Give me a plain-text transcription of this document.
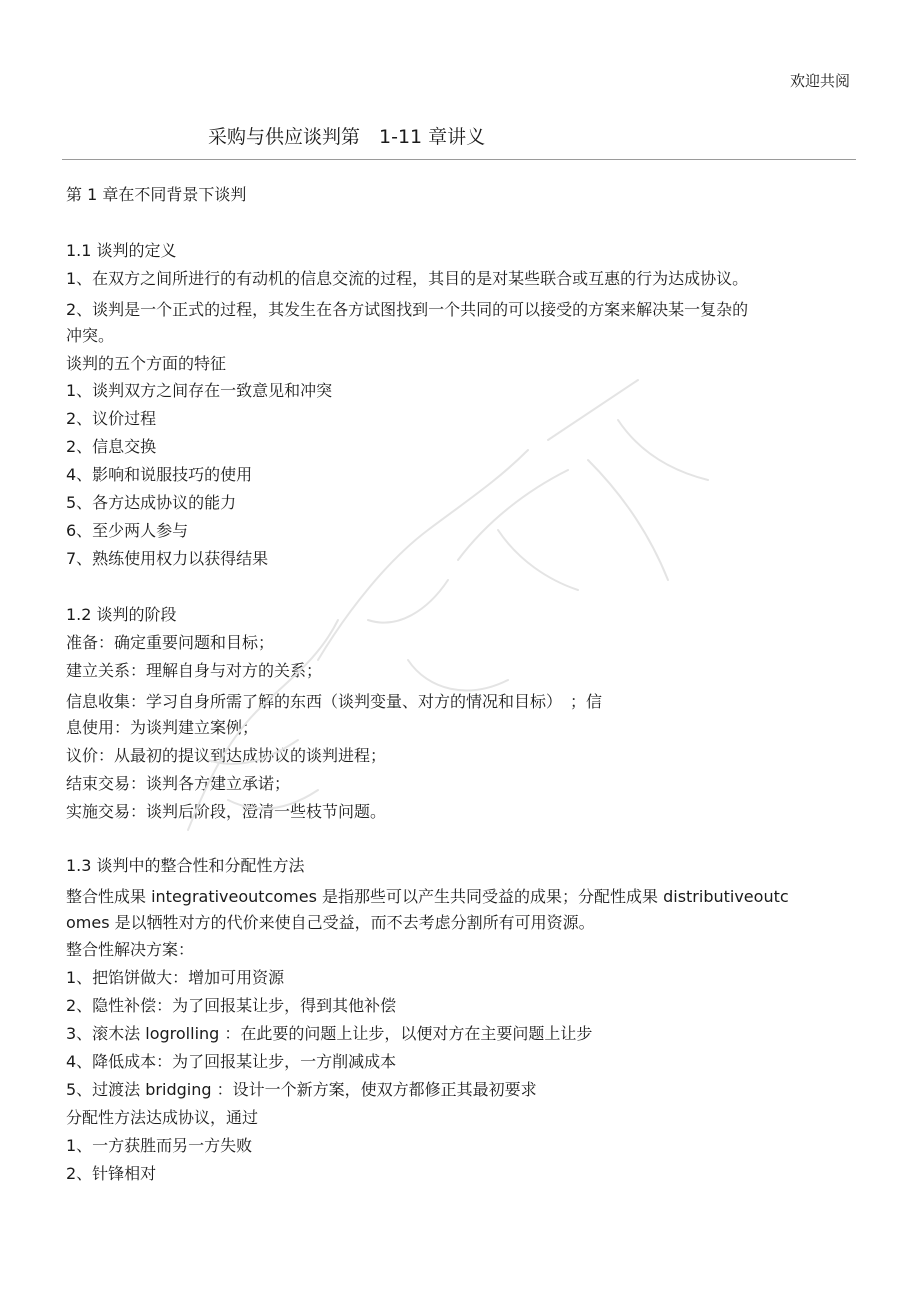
欢迎共阅
采购与供应谈判第　1-11 章讲义
第 1 章在不同背景下谈判
1.1 谈判的定义
1、在双方之间所进行的有动机的信息交流的过程，其目的是对某些联合或互惠的行为达成协议。
2、谈判是一个正式的过程，其发生在各方试图找到一个共同的可以接受的方案来解决某一复杂的
冲突。
谈判的五个方面的特征
1、谈判双方之间存在一致意见和冲突
2、议价过程
2、信息交换
4、影响和说服技巧的使用
5、各方达成协议的能力
6、至少两人参与
7、熟练使用权力以获得结果
1.2 谈判的阶段
准备：确定重要问题和目标；
建立关系：理解自身与对方的关系；
信息收集：学习自身所需了解的东西（谈判变量、对方的情况和目标）　；信
息使用：为谈判建立案例；
议价：从最初的提议到达成协议的谈判进程；
结束交易：谈判各方建立承诺；
实施交易：谈判后阶段，澄清一些枝节问题。
1.3 谈判中的整合性和分配性方法
整合性成果 integrativeoutcomes 是指那些可以产生共同受益的成果；分配性成果 distributiveoutc
omes 是以牺牲对方的代价来使自己受益，而不去考虑分割所有可用资源。
整合性解决方案：
1、把馅饼做大：增加可用资源
2、隐性补偿：为了回报某让步，得到其他补偿
3、滚木法 logrolling ：在此要的问题上让步，以便对方在主要问题上让步
4、降低成本：为了回报某让步，一方削减成本
5、过渡法 bridging ：设计一个新方案，使双方都修正其最初要求
分配性方法达成协议，通过
1、一方获胜而另一方失败
2、针锋相对
